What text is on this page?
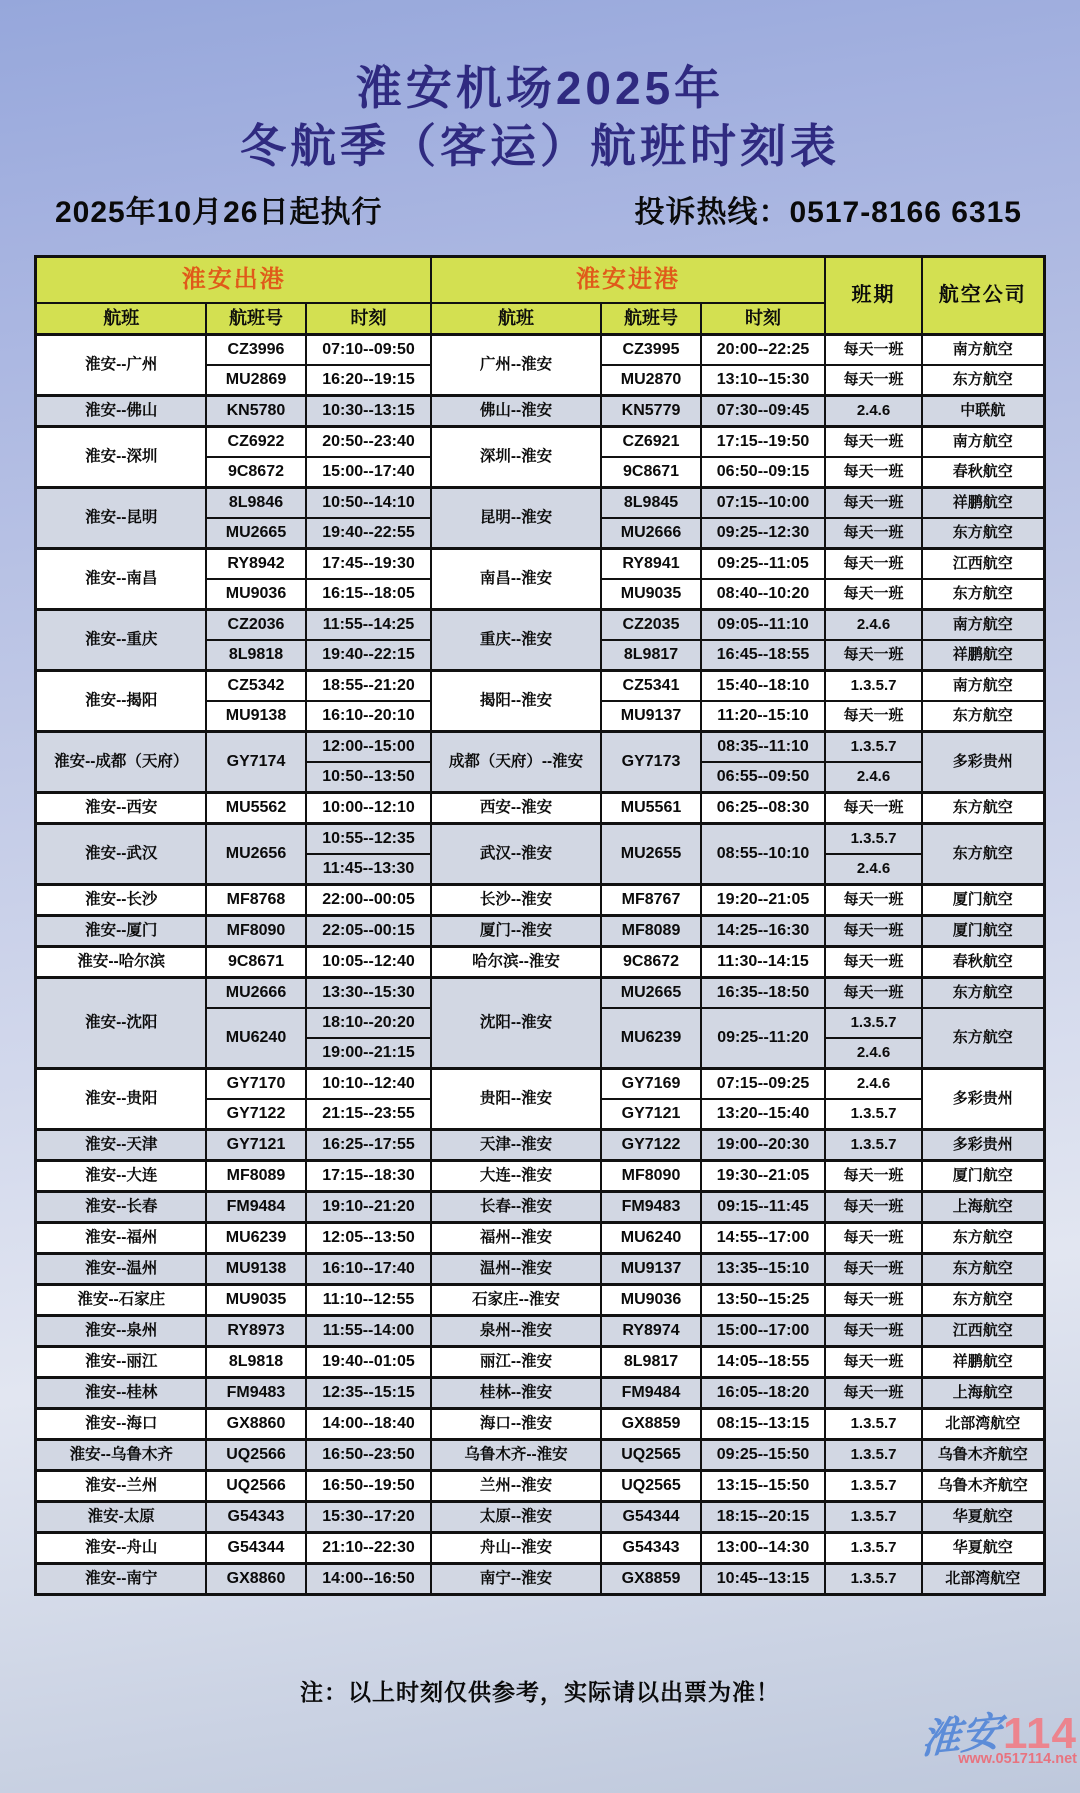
淮安机场2025年
冬航季（客运）航班时刻表
2025年10月26日起执行	投诉热线：0517-8166 6315
淮安出港			淮安进港			班期	航空公司
航班	航班号	时刻	航班	航班号	时刻		
淮安--广州	CZ3996	07:10--09:50	广州--淮安	CZ3995	20:00--22:25	每天一班	南方航空
	MU2869	16:20--19:15		MU2870	13:10--15:30	每天一班	东方航空
淮安--佛山	KN5780	10:30--13:15	佛山--淮安	KN5779	07:30--09:45	2.4.6	中联航
淮安--深圳	CZ6922	20:50--23:40	深圳--淮安	CZ6921	17:15--19:50	每天一班	南方航空
	9C8672	15:00--17:40		9C8671	06:50--09:15	每天一班	春秋航空
淮安--昆明	8L9846	10:50--14:10	昆明--淮安	8L9845	07:15--10:00	每天一班	祥鹏航空
	MU2665	19:40--22:55		MU2666	09:25--12:30	每天一班	东方航空
淮安--南昌	RY8942	17:45--19:30	南昌--淮安	RY8941	09:25--11:05	每天一班	江西航空
	MU9036	16:15--18:05		MU9035	08:40--10:20	每天一班	东方航空
淮安--重庆	CZ2036	11:55--14:25	重庆--淮安	CZ2035	09:05--11:10	2.4.6	南方航空
	8L9818	19:40--22:15		8L9817	16:45--18:55	每天一班	祥鹏航空
淮安--揭阳	CZ5342	18:55--21:20	揭阳--淮安	CZ5341	15:40--18:10	1.3.5.7	南方航空
	MU9138	16:10--20:10		MU9137	11:20--15:10	每天一班	东方航空
淮安--成都（天府）	GY7174	12:00--15:00	成都（天府）--淮安	GY7173	08:35--11:10	1.3.5.7	多彩贵州
		10:50--13:50			06:55--09:50	2.4.6	
淮安--西安	MU5562	10:00--12:10	西安--淮安	MU5561	06:25--08:30	每天一班	东方航空
淮安--武汉	MU2656	10:55--12:35	武汉--淮安	MU2655	08:55--10:10	1.3.5.7	东方航空
		11:45--13:30				2.4.6	
淮安--长沙	MF8768	22:00--00:05	长沙--淮安	MF8767	19:20--21:05	每天一班	厦门航空
淮安--厦门	MF8090	22:05--00:15	厦门--淮安	MF8089	14:25--16:30	每天一班	厦门航空
淮安--哈尔滨	9C8671	10:05--12:40	哈尔滨--淮安	9C8672	11:30--14:15	每天一班	春秋航空
淮安--沈阳	MU2666	13:30--15:30	沈阳--淮安	MU2665	16:35--18:50	每天一班	东方航空
	MU6240	18:10--20:20		MU6239	09:25--11:20	1.3.5.7	东方航空
		19:00--21:15				2.4.6	
淮安--贵阳	GY7170	10:10--12:40	贵阳--淮安	GY7169	07:15--09:25	2.4.6	多彩贵州
	GY7122	21:15--23:55		GY7121	13:20--15:40	1.3.5.7	
淮安--天津	GY7121	16:25--17:55	天津--淮安	GY7122	19:00--20:30	1.3.5.7	多彩贵州
淮安--大连	MF8089	17:15--18:30	大连--淮安	MF8090	19:30--21:05	每天一班	厦门航空
淮安--长春	FM9484	19:10--21:20	长春--淮安	FM9483	09:15--11:45	每天一班	上海航空
淮安--福州	MU6239	12:05--13:50	福州--淮安	MU6240	14:55--17:00	每天一班	东方航空
淮安--温州	MU9138	16:10--17:40	温州--淮安	MU9137	13:35--15:10	每天一班	东方航空
淮安--石家庄	MU9035	11:10--12:55	石家庄--淮安	MU9036	13:50--15:25	每天一班	东方航空
淮安--泉州	RY8973	11:55--14:00	泉州--淮安	RY8974	15:00--17:00	每天一班	江西航空
淮安--丽江	8L9818	19:40--01:05	丽江--淮安	8L9817	14:05--18:55	每天一班	祥鹏航空
淮安--桂林	FM9483	12:35--15:15	桂林--淮安	FM9484	16:05--18:20	每天一班	上海航空
淮安--海口	GX8860	14:00--18:40	海口--淮安	GX8859	08:15--13:15	1.3.5.7	北部湾航空
淮安--乌鲁木齐	UQ2566	16:50--23:50	乌鲁木齐--淮安	UQ2565	09:25--15:50	1.3.5.7	乌鲁木齐航空
淮安--兰州	UQ2566	16:50--19:50	兰州--淮安	UQ2565	13:15--15:50	1.3.5.7	乌鲁木齐航空
淮安-太原	G54343	15:30--17:20	太原--淮安	G54344	18:15--20:15	1.3.5.7	华夏航空
淮安--舟山	G54344	21:10--22:30	舟山--淮安	G54343	13:00--14:30	1.3.5.7	华夏航空
淮安--南宁	GX8860	14:00--16:50	南宁--淮安	GX8859	10:45--13:15	1.3.5.7	北部湾航空
注：以上时刻仅供参考，实际请以出票为准！
淮安 114
www.0517114.net
